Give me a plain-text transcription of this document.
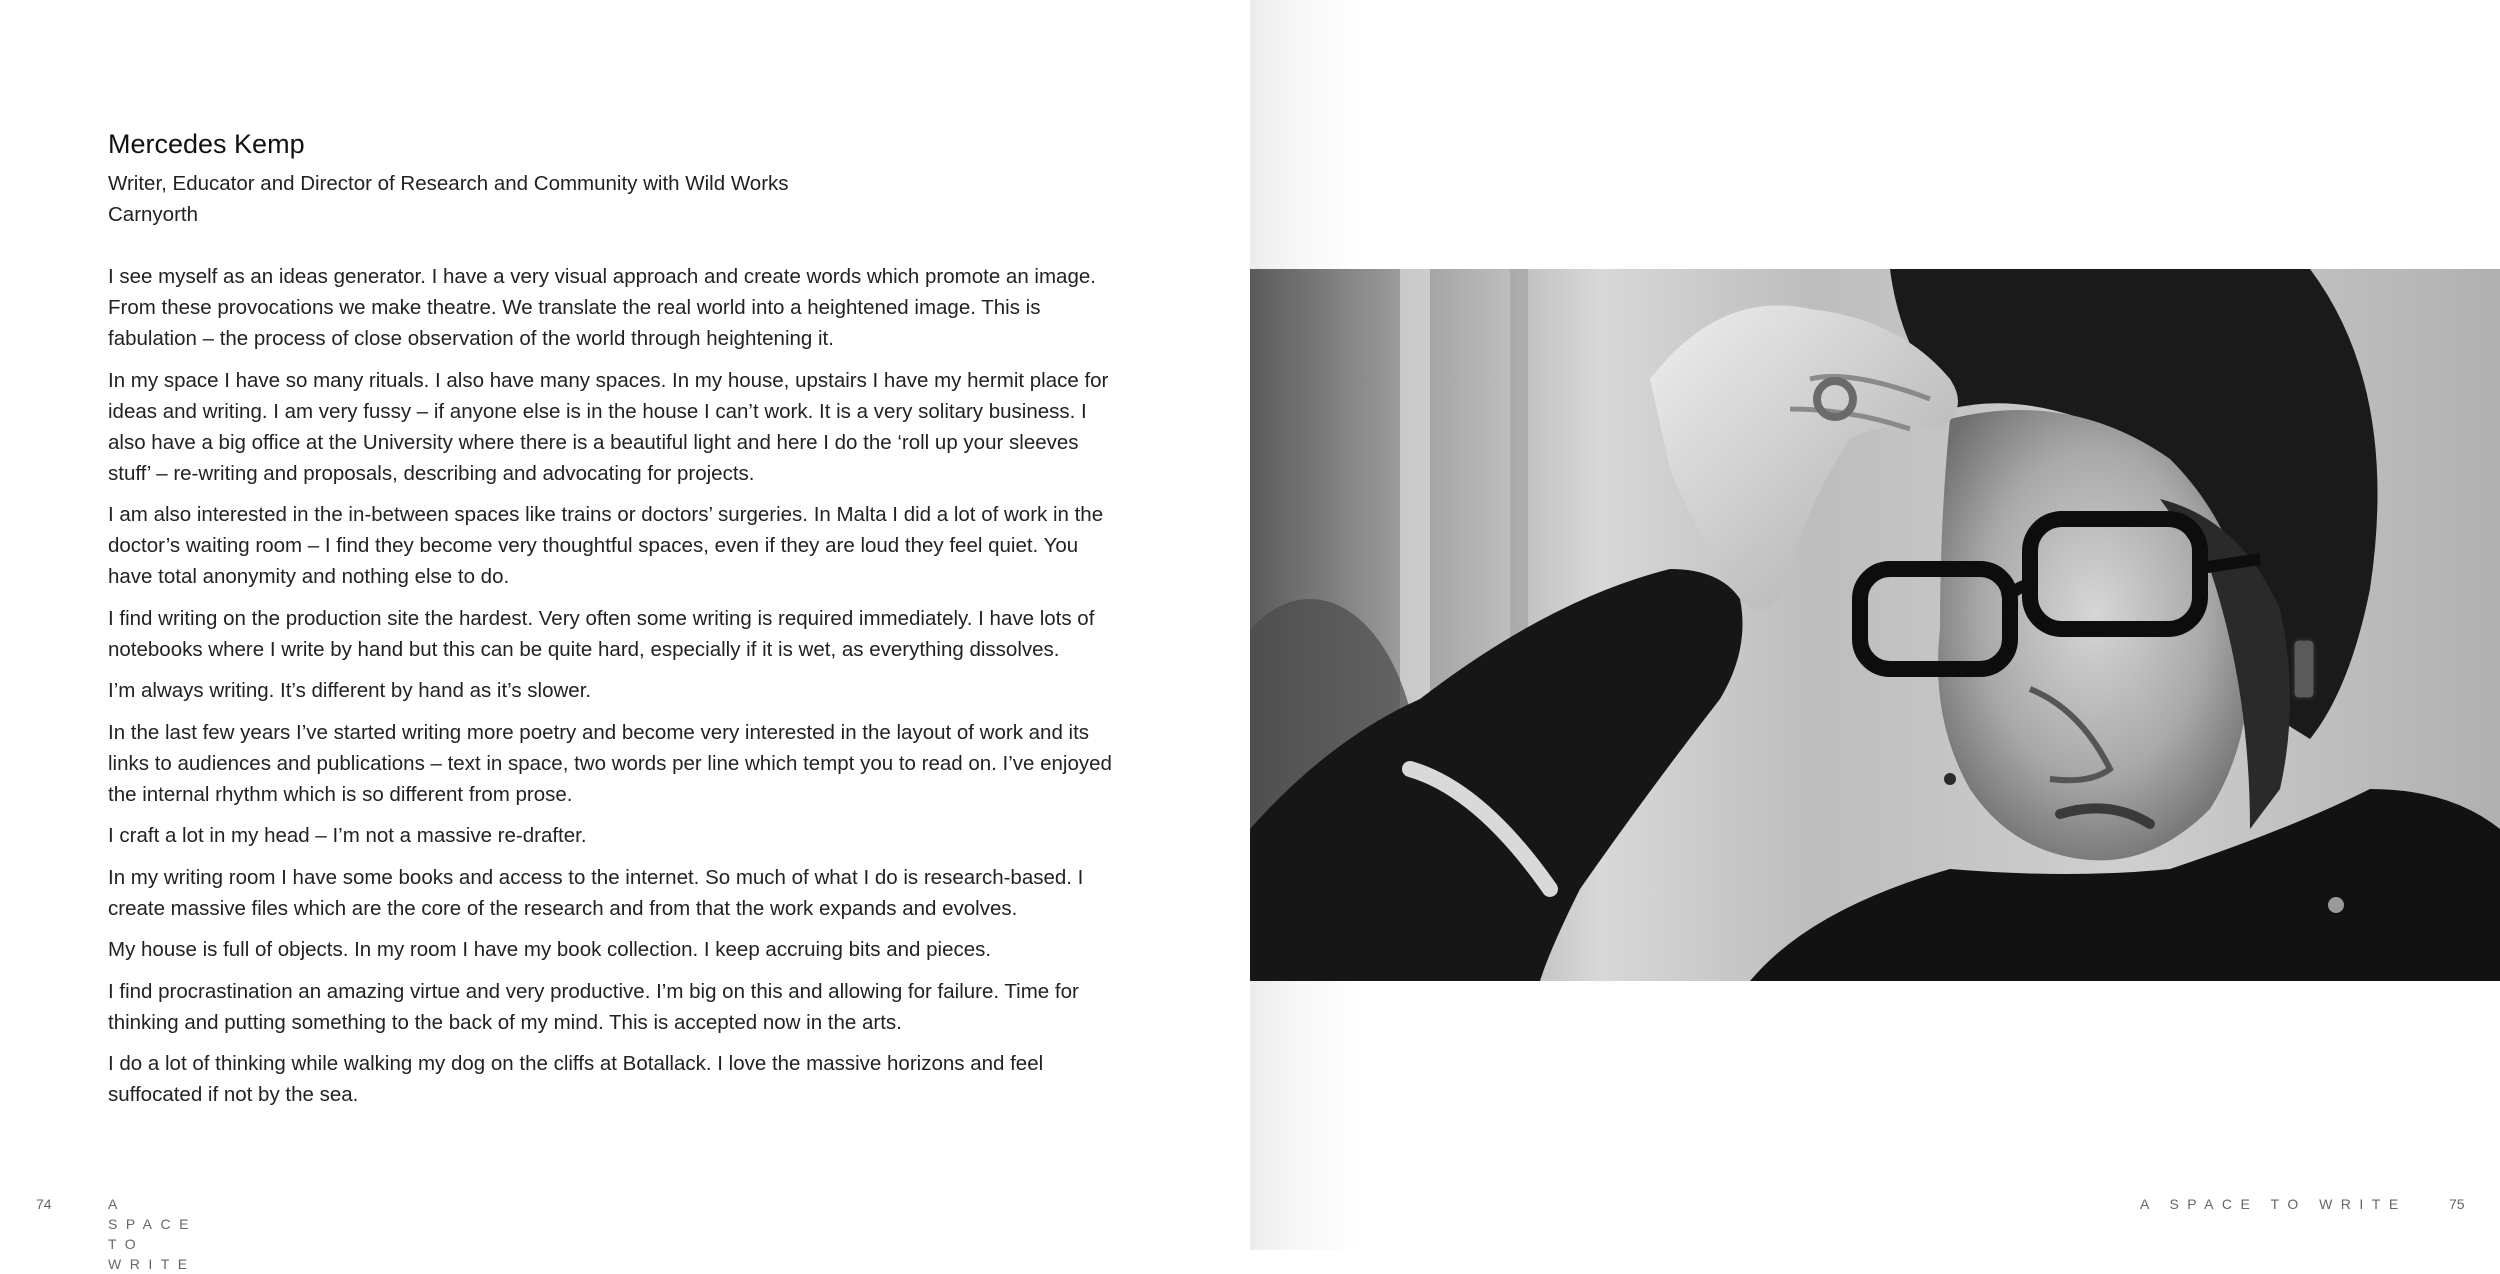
Mercedes Kemp

Writer, Educator and Director of Research and Community with Wild Works

Carnyorth

I see myself as an ideas generator. I have a very visual approach and create words which promote an image. From these provocations we make theatre. We translate the real world into a heightened image. This is fabulation – the process of close observation of the world through heightening it.

In my space I have so many rituals. I also have many spaces. In my house, upstairs I have my hermit place for ideas and writing. I am very fussy – if anyone else is in the house I can’t work. It is a very solitary business. I also have a big office at the University where there is a beautiful light and here I do the ‘roll up your sleeves stuff’ – re-writing and proposals, describing and advocating for projects.

I am also interested in the in-between spaces like trains or doctors’ surgeries. In Malta I did a lot of work in the doctor’s waiting room – I find they become very thoughtful spaces, even if they are loud they feel quiet. You have total anonymity and nothing else to do.

I find writing on the production site the hardest. Very often some writing is required immediately. I have lots of notebooks where I write by hand but this can be quite hard, especially if it is wet, as everything dissolves.

I’m always writing. It’s different by hand as it’s slower.

In the last few years I’ve started writing more poetry and become very interested in the layout of work and its links to audiences and publications – text in space, two words per line which tempt you to read on. I’ve enjoyed the internal rhythm which is so different from prose.

I craft a lot in my head – I’m not a massive re-drafter.

In my writing room I have some books and access to the internet. So much of what I do is research-based. I create massive files which are the core of the research and from that the work expands and evolves.

My house is full of objects. In my room I have my book collection. I keep accruing bits and pieces.

I find procrastination an amazing virtue and very productive. I’m big on this and allowing for failure. Time for thinking and putting something to the back of my mind. This is accepted now in the arts.

I do a lot of thinking while walking my dog on the cliffs at Botallack. I love the massive horizons and feel suffocated if not by the sea.

74	A SPACE TO WRITE
A SPACE TO WRITE	75
